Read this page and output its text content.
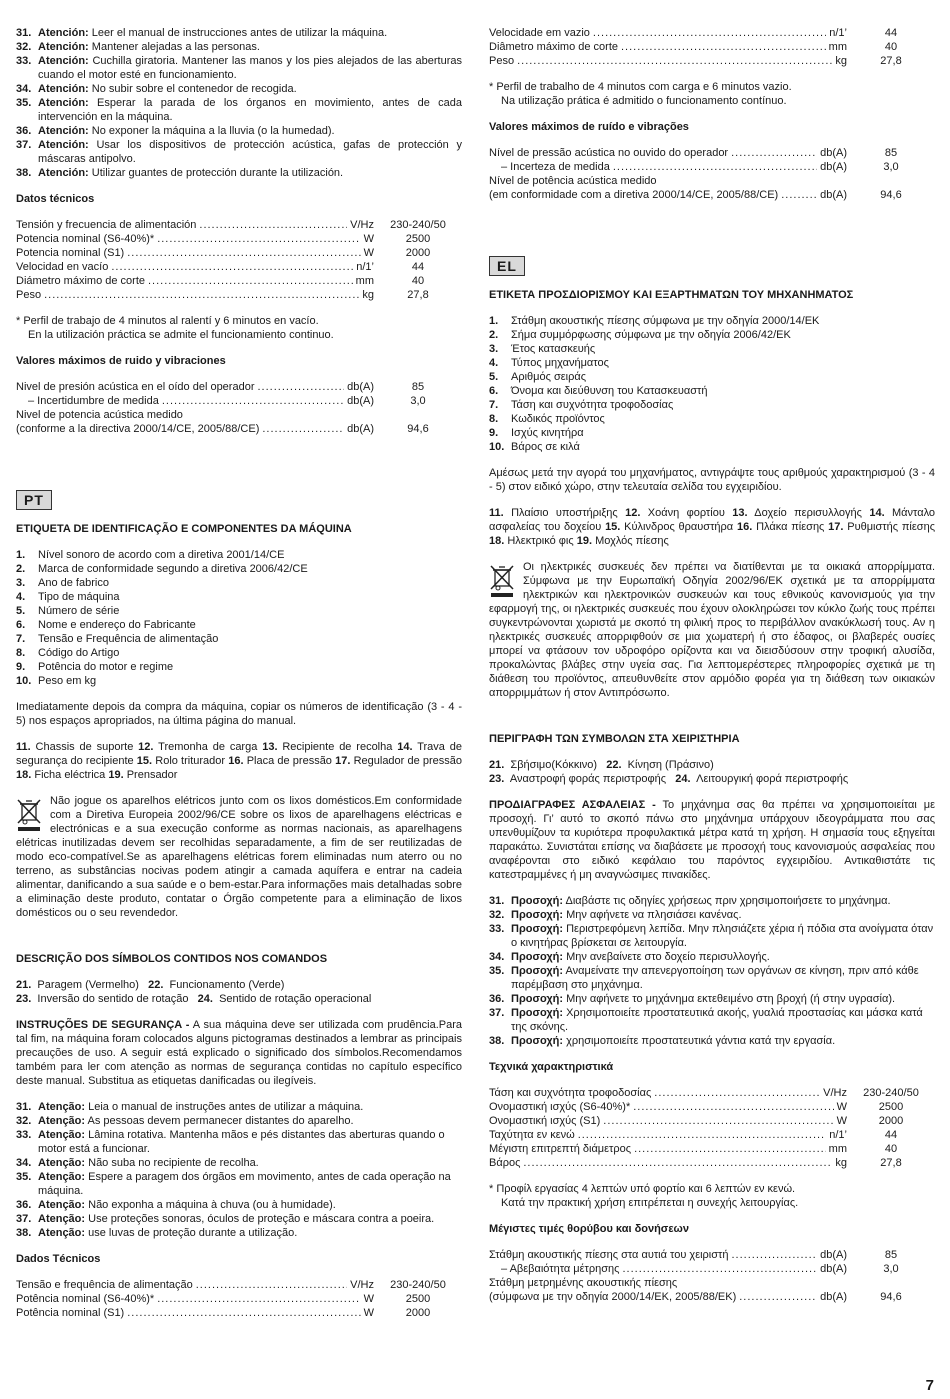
31. Atención: Leer el manual de instrucciones antes de utilizar la máquina.
32. Atención: Mantener alejadas a las personas.
33. Atención: Cuchilla giratoria. Mantener las manos y los pies alejados de las aberturas cuando el motor esté en funcionamiento.
34. Atención: No subir sobre el contenedor de recogida.
35. Atención: Esperar la parada de los órganos en movimiento, antes de cada intervención en la máquina.
36. Atención: No exponer la máquina a la lluvia (o la humedad).
37. Atención: Usar los dispositivos de protección acústica, gafas de protección y máscaras antipolvo.
38. Atención: Utilizar guantes de protección durante la utilización.

Datos técnicos

Tensión y frecuencia de alimentación .....	V/Hz	230-240/50
Potencia nominal (S6-40%)* .....	W	2500
Potencia nominal (S1) .....	W	2000
Velocidad en vacío .....	n/1’	44
Diámetro máximo de corte .....	mm	40
Peso .....	kg	27,8

* Perfil de trabajo de 4 minutos al ralentí y 6 minutos en vacío.

En la utilización práctica se admite el funcionamiento continuo.

Valores máximos de ruido y vibraciones

Nivel de presión acústica en el oído del operador .....	db(A)	85
– Incertidumbre de medida .....	db(A)	3,0
Nivel de potencia acústica medido
(conforme a la directiva 2000/14/CE, 2005/88/CE) .....	db(A)	94,6
PT

ETIQUETA DE IDENTIFICAÇÃO E COMPONENTES DA MÁQUINA

1. Nível sonoro de acordo com a diretiva 2001/14/CE
2. Marca de conformidade segundo a diretiva 2006/42/CE
3. Ano de fabrico
4. Tipo de máquina
5. Número de série
6. Nome e endereço do Fabricante
7. Tensão e Frequência de alimentação
8. Código do Artigo
9. Potência do motor e regime
10. Peso em kg

Imediatamente depois da compra da máquina, copiar os números de identificação (3 - 4 - 5) nos espaços apropriados, na última página do manual.

11. Chassis de suporte 12. Tremonha de carga 13. Recipiente de recolha 14. Trava de segurança do recipiente 15. Rolo triturador 16. Placa de pressão 17. Regulador de pressão 18. Ficha eléctrica 19. Prensador

Não jogue os aparelhos elétricos junto com os lixos domésticos.Em conformidade com a Diretiva Europeia 2002/96/CE sobre os lixos de aparelhagens eléctricas e electrónicas e a sua execução conforme as normas nacionais, as aparelhagens elétricas inutilizadas devem ser recolhidas separadamente, a fim de ser reutilizadas de modo eco-compatível.Se as aparelhagens elétricas forem eliminadas num aterro ou no terreno, as substâncias nocivas podem atingir a camada aquífera e entrar na cadeia alimentar, danificando a sua saúde e o bem-estar.Para informações mais detalhadas sobre a eliminação deste produto, contatar o Órgão competente para a eliminação de lixos domésticos ou o seu revendedor.

DESCRIÇÃO DOS SÍMBOLOS CONTIDOS NOS COMANDOS

21. Paragem (Vermelho) 22. Funcionamento (Verde)

23. Inversão do sentido de rotação 24. Sentido de rotação operacional

INSTRUÇÕES DE SEGURANÇA - A sua máquina deve ser utilizada com prudência.Para tal fim, na máquina foram colocados alguns pictogramas destinados a lembrar as principais precauções de uso. A seguir está explicado o significado dos símbolos.Recomendamos também para ler com atenção as normas de segurança contidas no capítulo específico deste manual. Substitua as etiquetas danificadas ou ilegíveis.

31. Atenção: Leia o manual de instruções antes de utilizar a máquina.
32. Atenção: As pessoas devem permanecer distantes do aparelho.
33. Atenção: Lâmina rotativa. Mantenha mãos e pés distantes das aberturas quando o motor está a funcionar.
34. Atenção: Não suba no recipiente de recolha.
35. Atenção: Espere a paragem dos órgãos em movimento, antes de cada operação na máquina.
36. Atenção: Não exponha a máquina à chuva (ou à humidade).
37. Atenção: Use proteções sonoras, óculos de proteção e máscara contra a poeira.
38. Atenção: use luvas de proteção durante a utilização.

Dados Técnicos

Tensão e frequência de alimentação .....	V/Hz	230-240/50
Potência nominal (S6-40%)* .....	W	2500
Potência nominal (S1) .....	W	2000
Velocidade em vazio .....	n/1’	44
Diâmetro máximo de corte .....	mm	40
Peso .....	kg	27,8

* Perfil de trabalho de 4 minutos com carga e 6 minutos vazio.

Na utilização prática é admitido o funcionamento contínuo.

Valores máximos de ruído e vibrações

Nível de pressão acústica no ouvido do operador .....	db(A)	85
– Incerteza de medida .....	db(A)	3,0
Nível de potência acústica medido
(em conformidade com a diretiva 2000/14/CE, 2005/88/CE) .....	db(A)	94,6
EL

ΕΤΙΚΕΤΑ ΠΡΟΣΔΙΟΡΙΣΜΟΥ ΚΑΙ ΕΞΑΡΤΗΜΑΤΩΝ ΤΟΥ ΜΗΧΑΝΗΜΑΤΟΣ

1. Στάθμη ακουστικής πίεσης σύμφωνα με την οδηγία 2000/14/ΕΚ
2. Σήμα συμμόρφωσης σύμφωνα με την οδηγία 2006/42/ΕΚ
3. Έτος κατασκευής
4. Τύπος μηχανήματος
5. Αριθμός σειράς
6. Όνομα και διεύθυνση του Κατασκευαστή
7. Τάση και συχνότητα τροφοδοσίας
8. Κωδικός προϊόντος
9. Ισχύς κινητήρα
10. Βάρος σε κιλά

Αμέσως μετά την αγορά του μηχανήματος, αντιγράψτε τους αριθμούς χαρακτηρισμού (3 - 4 - 5) στον ειδικό χώρο, στην τελευταία σελίδα του εγχειριδίου.

11. Πλαίσιο υποστήριξης 12. Χοάνη φορτίου 13. Δοχείο περισυλλογής 14. Μάνταλο ασφαλείας του δοχείου 15. Κύλινδρος θραυστήρα 16. Πλάκα πίεσης 17. Ρυθμιστής πίεσης 18. Ηλεκτρικό φις 19. Μοχλός πίεσης

Οι ηλεκτρικές συσκευές δεν πρέπει να διατίθενται με τα οικιακά απορρίμματα. Σύμφωνα με την Ευρωπαϊκή Οδηγία 2002/96/ΕΚ σχετικά με τα απορρίμματα ηλεκτρικών και ηλεκτρονικών συσκευών και τους εθνικούς κανονισμούς για την εφαρμογή της, οι ηλεκτρικές συσκευές που έχουν ολοκληρώσει τον κύκλο ζωής τους πρέπει συγκεντρώνονται χωριστά με σκοπό τη φιλική προς το περιβάλλον ανακύκλωσή τους. Αν η ηλεκτρικές συσκευές απορριφθούν σε μια χωματερή ή στο έδαφος, οι βλαβερές ουσίες μπορεί να φτάσουν τον υδροφόρο ορίζοντα και να διεισδύσουν στην τροφική αλυσίδα, προκαλώντας βλάβες στην υγεία σας. Για λεπτομερέστερες πληροφορίες σχετικά με τη διάθεση του προϊόντος, απευθυνθείτε στον αρμόδιο φορέα για τη διάθεση των οικιακών απορριμμάτων ή στον Αντιπρόσωπο.

ΠΕΡΙΓΡΑΦΗ ΤΩΝ ΣΥΜΒΟΛΩΝ ΣΤΑ ΧΕΙΡΙΣΤΗΡΙΑ

21. Σβήσιμο(Κόκκινο) 22. Κίνηση (Πράσινο)

23. Αναστροφή φοράς περιστροφής 24. Λειτουργική φορά περιστροφής

ΠΡΟΔΙΑΓΡΑΦΕΣ ΑΣΦΑΛΕΙΑΣ - Το μηχάνημα σας θα πρέπει να χρησιμοποιείται με προσοχή. Γι’ αυτό το σκοπό πάνω στο μηχάνημα υπάρχουν ιδεογράμματα που σας υπενθυμίζουν τα κυριότερα προφυλακτικά μέτρα κατά τη χρήση. Η σημασία τους εξηγείται παρακάτω. Συνιστάται επίσης να διαβάσετε με προσοχή τους κανονισμούς ασφαλείας που αναφέρονται στο ειδικό κεφάλαιο του παρόντος εγχειριδίου. Αντικαθιστάτε τις κατεστραμμένες ή μη αναγνώσιμες πινακίδες.

31. Προσοχή: Διαβάστε τις οδηγίες χρήσεως πριν χρησιμοποιήσετε το μηχάνημα.
32. Προσοχή: Μην αφήνετε να πλησιάσει κανένας.
33. Προσοχή: Περιστρεφόμενη λεπίδα. Μην πλησιάζετε χέρια ή πόδια στα ανοίγματα όταν ο κινητήρας βρίσκεται σε λειτουργία.
34. Προσοχή: Μην ανεβαίνετε στο δοχείο περισυλλογής.
35. Προσοχή: Αναμείνατε την απενεργοποίηση των οργάνων σε κίνηση, πριν από κάθε παρέμβαση στο μηχάνημα.
36. Προσοχή: Μην αφήνετε το μηχάνημα εκτεθειμένο στη βροχή (ή στην υγρασία).
37. Προσοχή: Χρησιμοποιείτε προστατευτικά ακοής, γυαλιά προστασίας και μάσκα κατά της σκόνης.
38. Προσοχή: χρησιμοποιείτε προστατευτικά γάντια κατά την εργασία.

Τεχνικά χαρακτηριστικά

Τάση και συχνότητα τροφοδοσίας .....	V/Hz	230-240/50
Ονομαστική ισχύς (S6-40%)* .....	W	2500
Ονομαστική ισχύς (S1) .....	W	2000
Ταχύτητα εν κενώ .....	n/1’	44
Μέγιστη επιτρεπτή διάμετρος .....	mm	40
Βάρος .....	kg	27,8

* Προφίλ εργασίας 4 λεπτών υπό φορτίο και 6 λεπτών εν κενώ.

Κατά την πρακτική χρήση επιτρέπεται η συνεχής λειτουργίας.

Μέγιστες τιμές θορύβου και δονήσεων

Στάθμη ακουστικής πίεσης στα αυτιά του χειριστή .....	db(A)	85
– Αβεβαιότητα μέτρησης .....	db(A)	3,0
Στάθμη μετρημένης ακουστικής πίεσης
(σύμφωνα με την οδηγία 2000/14/ΕΚ, 2005/88/ΕΚ) .....	db(A)	94,6
7
